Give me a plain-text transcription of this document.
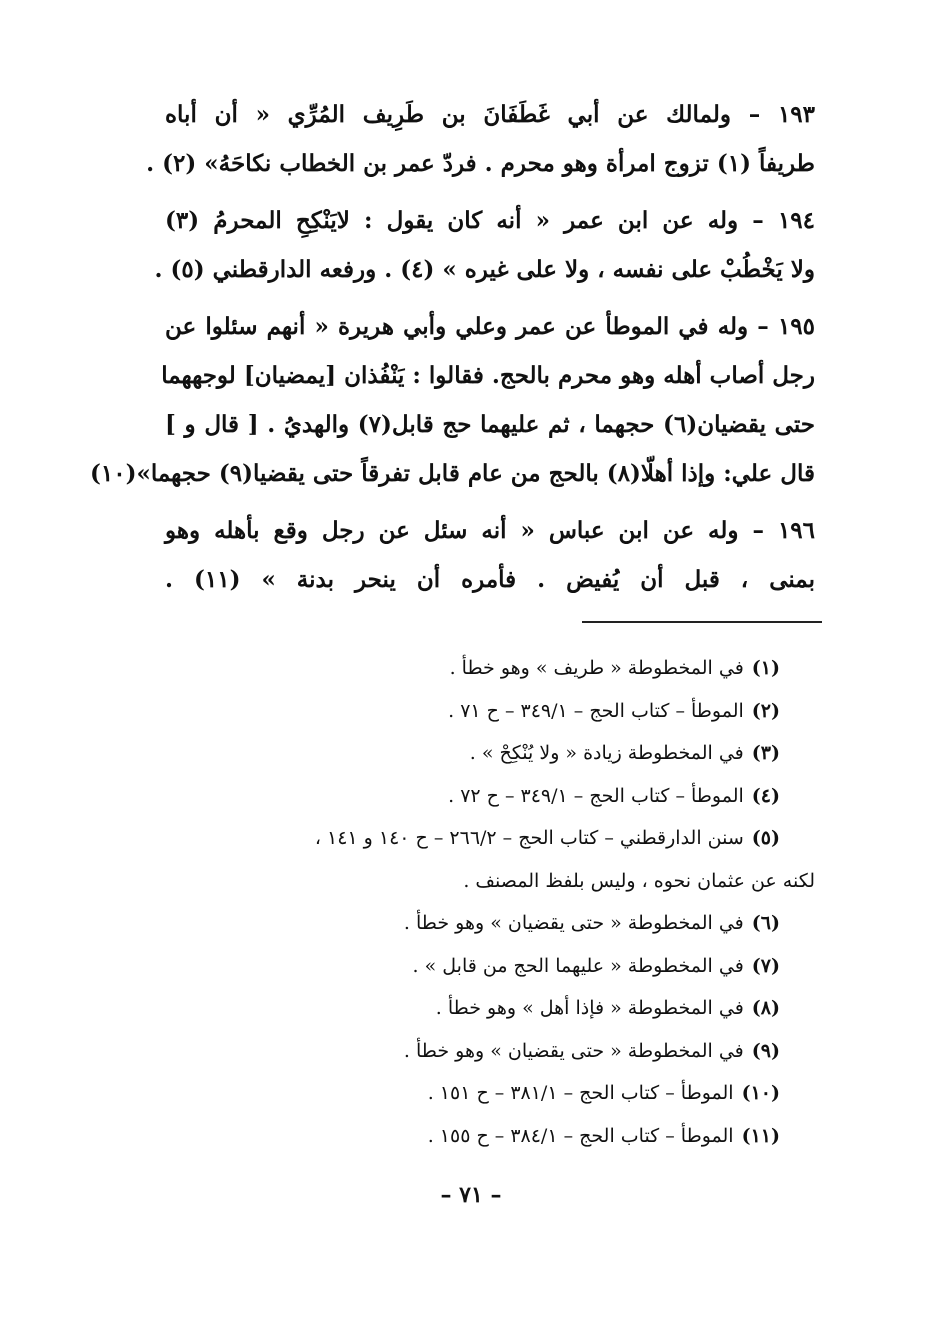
١٩٣ – ولمالك عن أبي غَطَفَانَ بن طَرِيف المُرِّي « أن أباه
طريفاً (١) تزوج امرأة وهو محرم . فردّ عمر بن الخطاب نكاحَهُ» (٢) .

١٩٤ – وله عن ابن عمر « أنه كان يقول : لايَنْكِحِ المحرمُ (٣)
ولا يَخْطُبْ على نفسه ، ولا على غيره » (٤) . ورفعه الدارقطني (٥) .

١٩٥ – وله في الموطأ عن عمر وعلي وأبي هريرة « أنهم سئلوا عن
رجل أصاب أهله وهو محرم بالحج. فقالوا : يَنْفُذان [يمضيان] لوجههما
حتى يقضيان(٦) حجهما ، ثم عليهما حج قابل(٧) والهديُ . [ قال و ]
قال علي: وإذا أهلّا(٨) بالحج من عام قابل تفرقاً حتى يقضيا(٩) حجهما»(١٠)

١٩٦ – وله عن ابن عباس « أنه سئل عن رجل وقع بأهله وهو
بمنى ، قبل أن يُفيض . فأمره أن ينحر بدنة » (١١) .

(١)في المخطوطة « طريف » وهو خطأ .
(٢)الموطأ – كتاب الحج – ٣٤٩/١ – ح ٧١ .
(٣)في المخطوطة زيادة « ولا يُنْكِحْ » .
(٤)الموطأ – كتاب الحج – ٣٤٩/١ – ح ٧٢ .
(٥)سنن الدارقطني – كتاب الحج – ٢٦٦/٢ – ح ١٤٠ و ١٤١ ،
لكنه عن عثمان نحوه ، وليس بلفظ المصنف .
(٦)في المخطوطة « حتى يقضيان » وهو خطأ .
(٧)في المخطوطة « عليهما الحج من قابل » .
(٨)في المخطوطة « فإذا أهل » وهو خطأ .
(٩)في المخطوطة « حتى يقضيان » وهو خطأ .
(١٠)الموطأ – كتاب الحج – ٣٨١/١ – ح ١٥١ .
(١١)الموطأ – كتاب الحج – ٣٨٤/١ – ح ١٥٥ .
– ٧١ –
